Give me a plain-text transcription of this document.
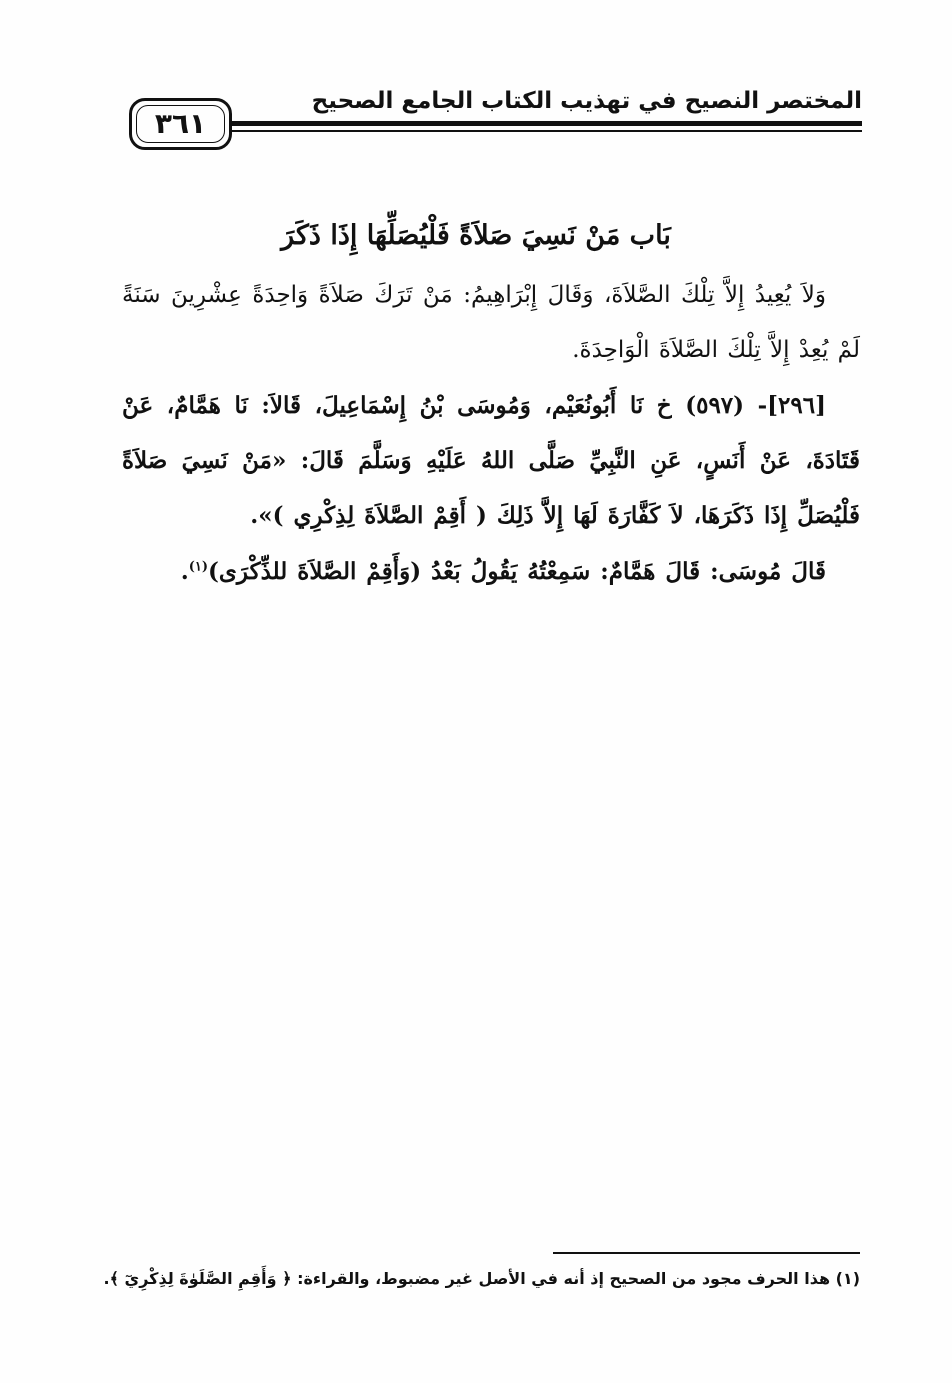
المختصر النصيح في تهذيب الكتاب الجامع الصحيح
٣٦١
بَاب مَنْ نَسِيَ صَلاَةً فَلْيُصَلِّهَا إِذَا ذَكَرَ
وَلاَ يُعِيدُ إِلاَّ تِلْكَ الصَّلاَةَ، وَقَالَ إِبْرَاهِيمُ: مَنْ تَرَكَ صَلاَةً وَاحِدَةً عِشْرِينَ سَنَةً لَمْ يُعِدْ إِلاَّ تِلْكَ الصَّلاَةَ الْوَاحِدَةَ.
[٢٩٦]- (٥٩٧) خ نَا أَبُونُعَيْم، وَمُوسَى بْنُ إِسْمَاعِيلَ، قَالاَ: نَا هَمَّامٌ، عَنْ قَتَادَةَ، عَنْ أَنَسٍ، عَنِ النَّبِيِّ صَلَّى اللهُ عَلَيْهِ وَسَلَّمَ قَالَ: «مَنْ نَسِيَ صَلاَةً فَلْيُصَلِّ إِذَا ذَكَرَهَا، لاَ كَفَّارَةَ لَهَا إِلاَّ ذَلِكَ ( أَقِمْ الصَّلاَةَ لِذِكْرِي )».
قَالَ مُوسَى: قَالَ هَمَّامٌ: سَمِعْتُهُ يَقُولُ بَعْدُ (وَأَقِمْ الصَّلاَةَ للذِّكْرَى)$^{(١)}$.
(١) هذا الحرف مجود من الصحيح إذ أنه في الأصل غير مضبوط، والقراءة: ﴿ وَأَقِمِ الصَّلَوٰةَ لِذِكْرِيٓ ﴾.
